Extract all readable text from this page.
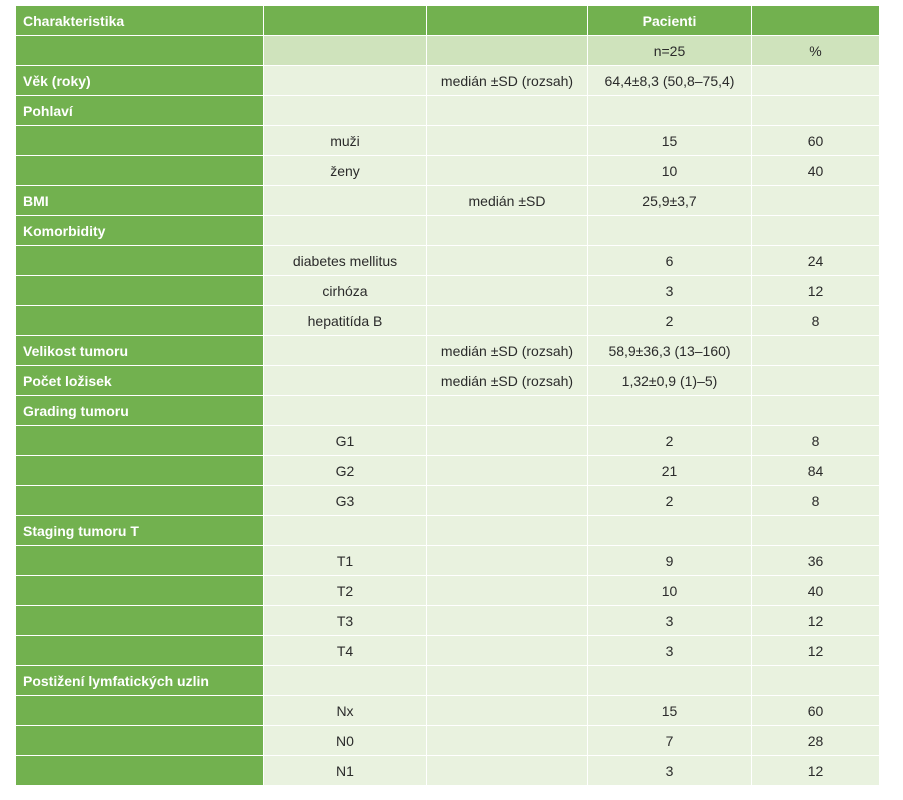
Charakteristika			Pacienti	
			n=25	%
Věk (roky)		medián ±SD (rozsah)	64,4±8,3 (50,8–75,4)	
Pohlaví				
	muži		15	60
	ženy		10	40
BMI		medián ±SD	25,9±3,7	
Komorbidity				
	diabetes mellitus		6	24
	cirhóza		3	12
	hepatitída B		2	8
Velikost tumoru		medián ±SD (rozsah)	58,9±36,3 (13–160)	
Počet ložisek		medián ±SD (rozsah)	1,32±0,9 (1)–5)	
Grading tumoru				
	G1		2	8
	G2		21	84
	G3		2	8
Staging tumoru T				
	T1		9	36
	T2		10	40
	T3		3	12
	T4		3	12
Postižení lymfatických uzlin				
	Nx		15	60
	N0		7	28
	N1		3	12
